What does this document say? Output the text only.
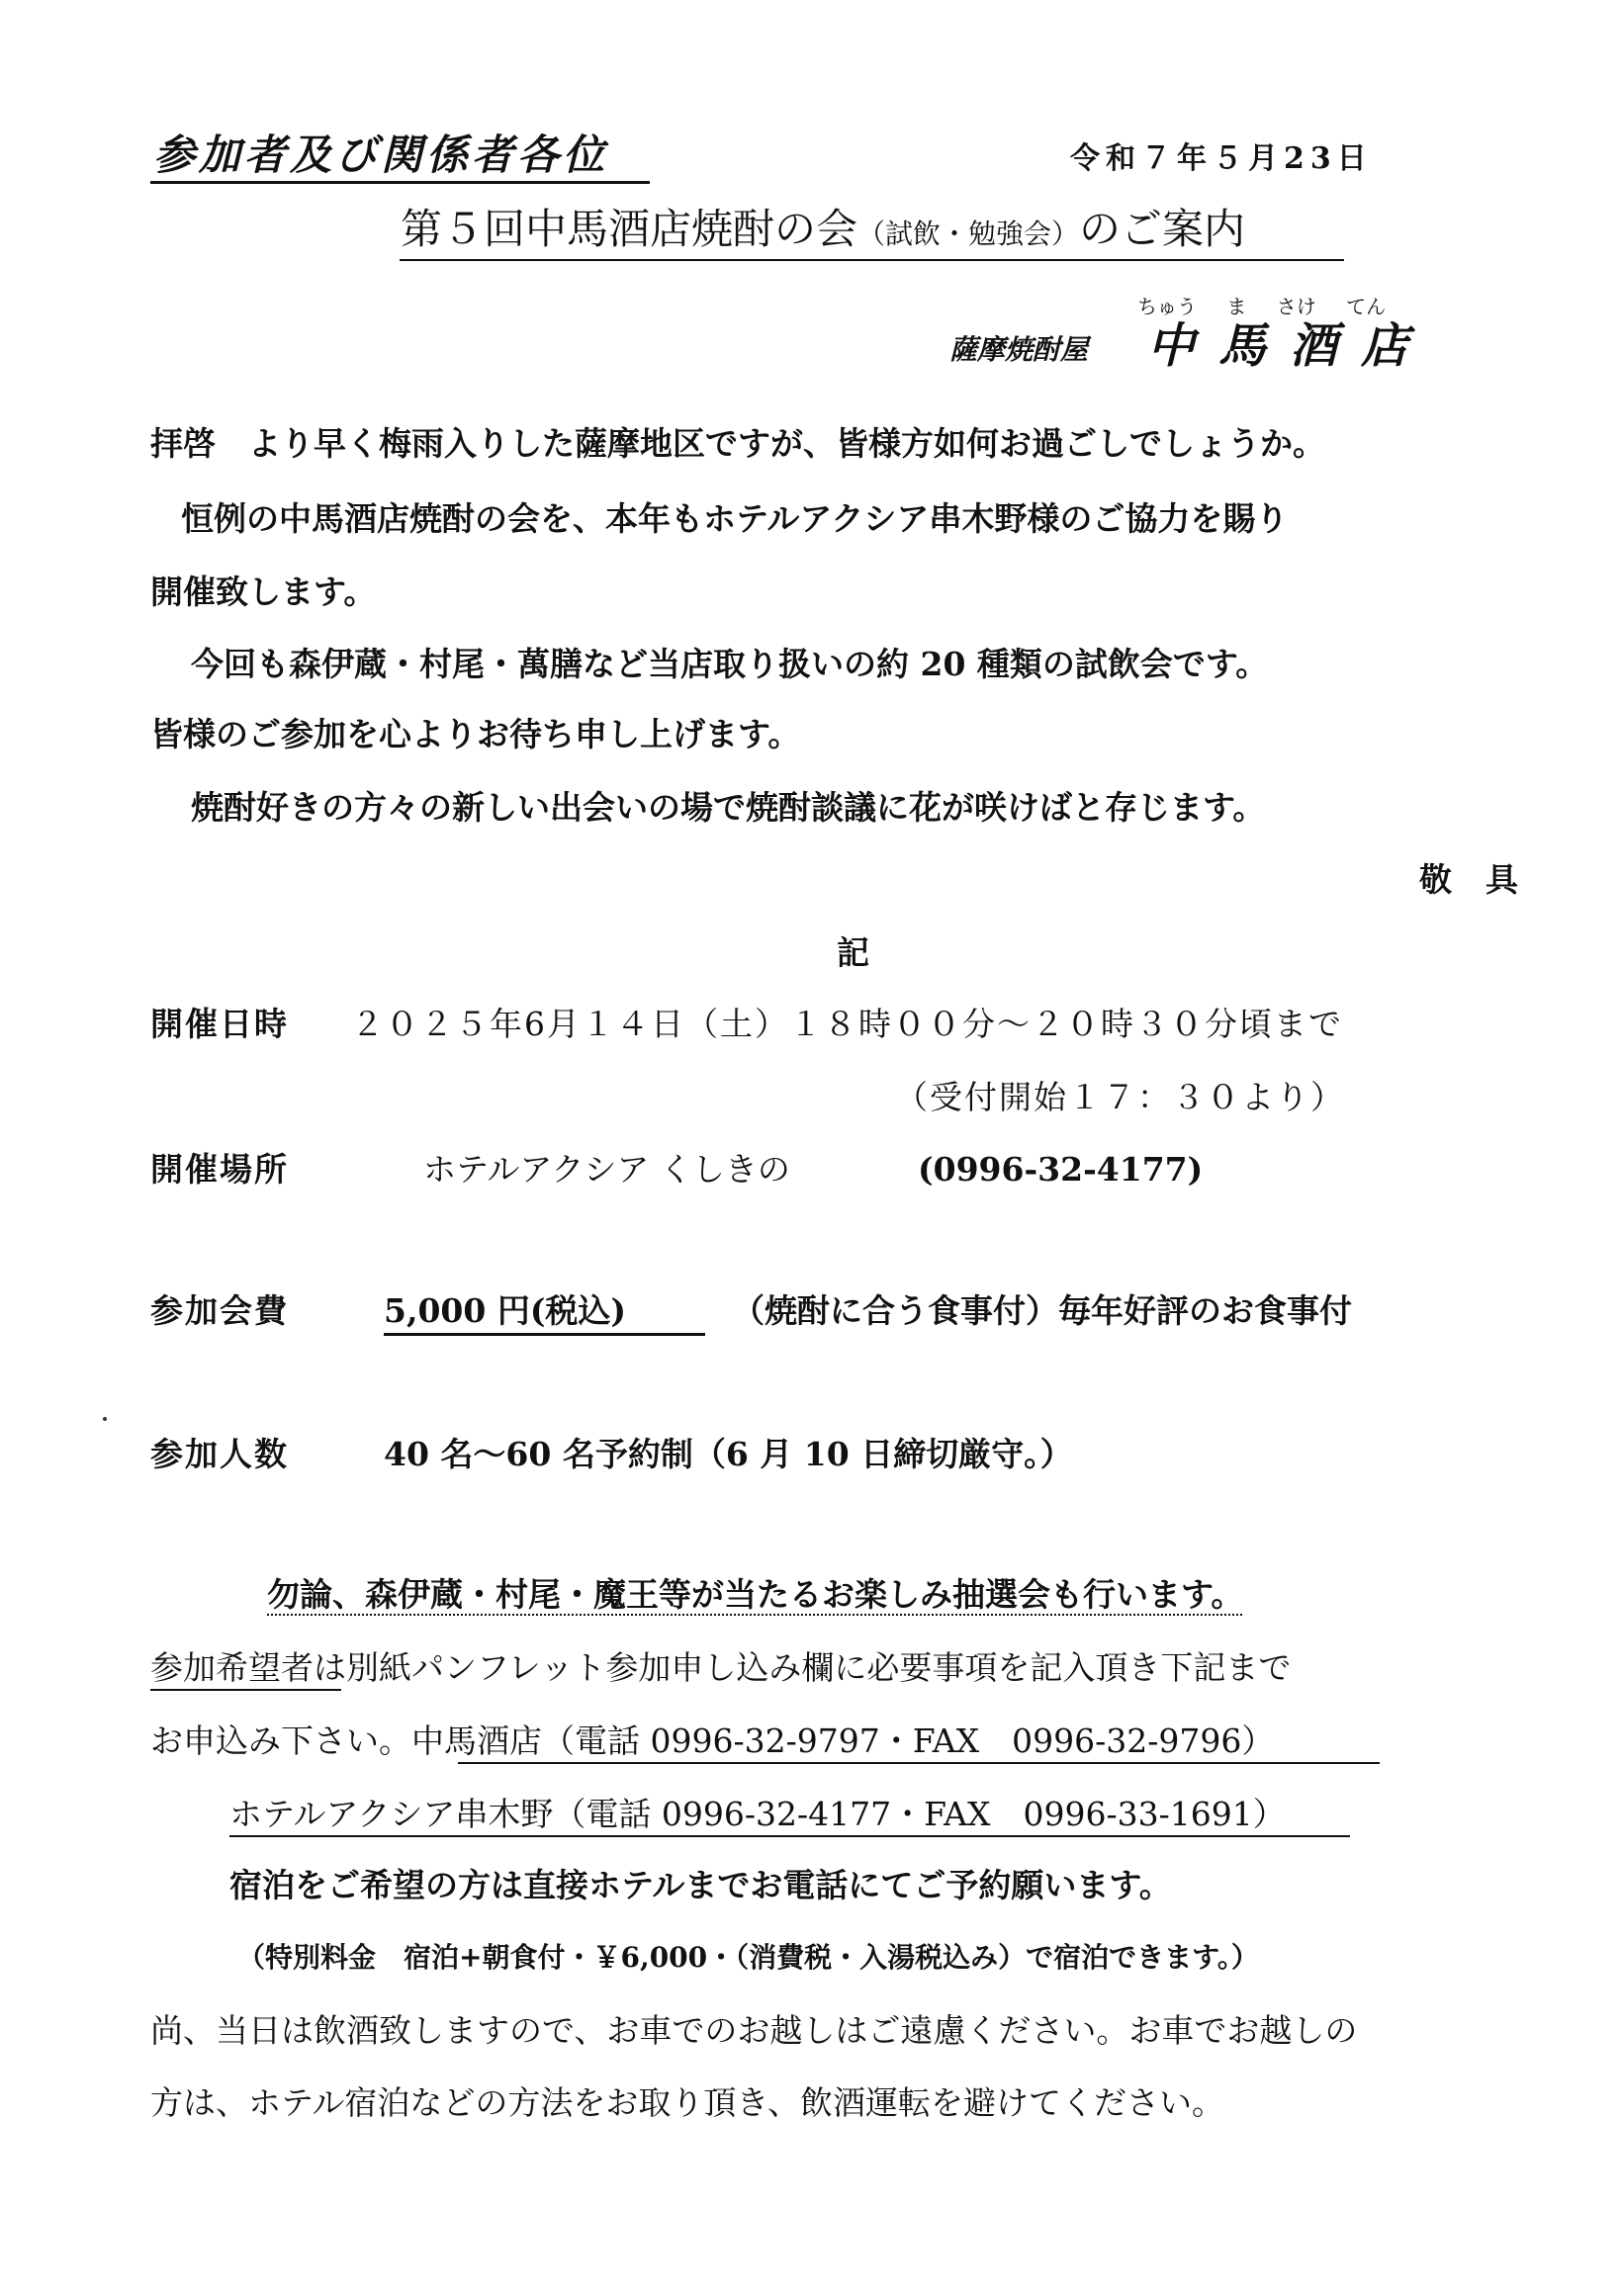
参加者及び関係者各位	令和７年５月23日
第５回中馬酒店焼酎の会（試飲・勉強会）のご案内
ちゅう ま さけ てん
薩摩焼酎屋 中馬酒店
拝啓　より早く梅雨入りした薩摩地区ですが、皆様方如何お過ごしでしょうか。
恒例の中馬酒店焼酎の会を、本年もホテルアクシア串木野様のご協力を賜り
開催致します。
今回も森伊蔵・村尾・萬膳など当店取り扱いの約 20 種類の試飲会です。
皆様のご参加を心よりお待ち申し上げます。
焼酎好きの方々の新しい出会いの場で焼酎談議に花が咲けばと存じます。
敬具
記
開催日時 ２０２５年6月１４日（土）１８時００分～２０時３０分頃まで
（受付開始１７：３０より）
開催場所	ホテルアクシア くしきの	(0996-32-4177)
参加会費	5,000 円(税込)	（焼酎に合う食事付）毎年好評のお食事付
参加人数	40 名～60 名予約制（6 月 10 日締切厳守。）
勿論、森伊蔵・村尾・魔王等が当たるお楽しみ抽選会も行います。
参加希望者は別紙パンフレット参加申し込み欄に必要事項を記入頂き下記まで
お申込み下さい。中馬酒店（電話 0996-32-9797・FAX　0996-32-9796）
ホテルアクシア串木野（電話 0996-32-4177・FAX　0996-33-1691）
宿泊をご希望の方は直接ホテルまでお電話にてご予約願います。
（特別料金　宿泊+朝食付・￥6,000・（消費税・入湯税込み）で宿泊できます。）
尚、当日は飲酒致しますので、お車でのお越しはご遠慮ください。お車でお越しの
方は、ホテル宿泊などの方法をお取り頂き、飲酒運転を避けてください。
